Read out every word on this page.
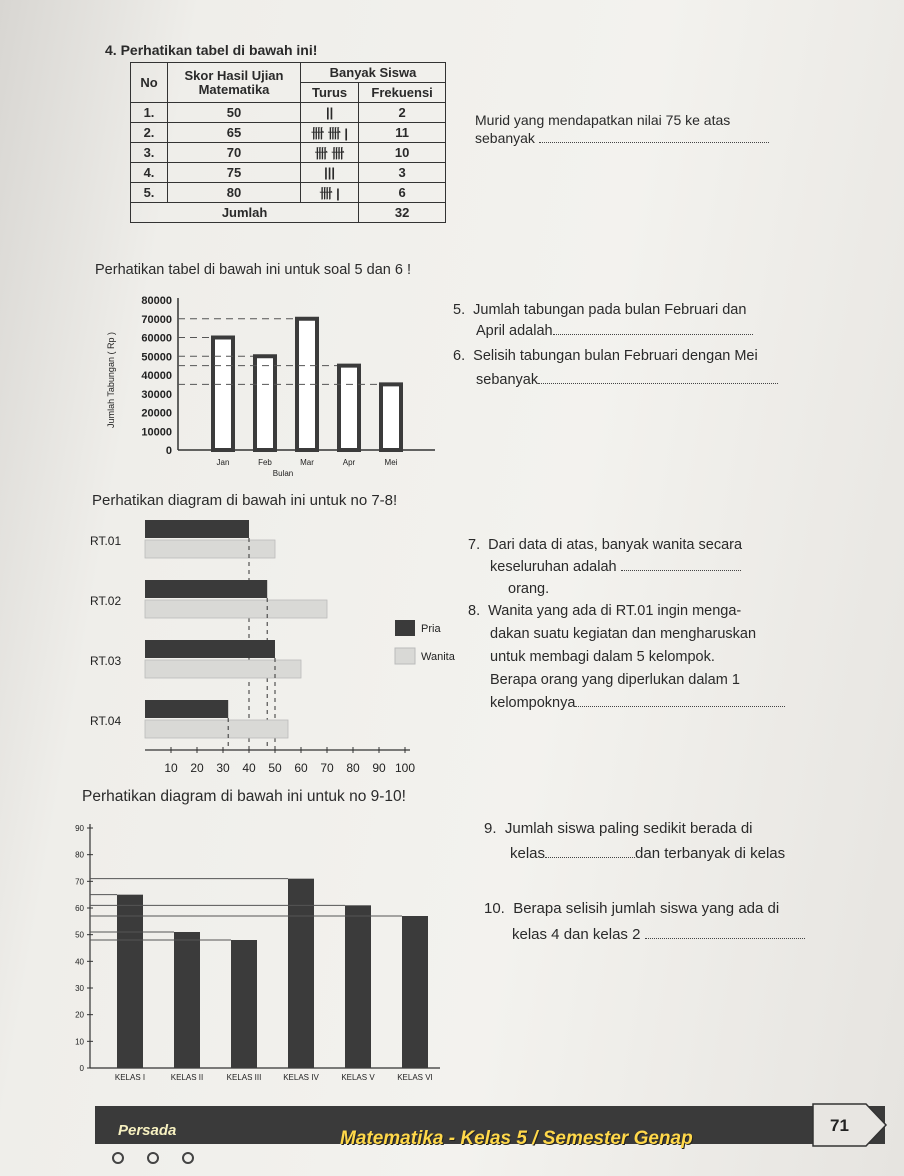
4. Perhatikan tabel di bawah ini!
No	Skor Hasil Ujian Matematika	Banyak Siswa	
		Turus	Frekuensi
1.	50	||	2
2.	65	卌 卌 |	11
3.	70	卌 卌	10
4.	75	|||	3
5.	80	卌 |	6
Jumlah			32
Murid yang mendapatkan nilai 75 ke atas
sebanyak
Perhatikan tabel di bawah ini untuk soal 5 dan 6 !
0
10000
20000
30000
40000
50000
60000
70000
80000
Jumlah Tabungan ( Rp )
Jan	Feb	Mar	Apr	Mei
Bulan
5. Jumlah tabungan pada bulan Februari dan
April adalah
6. Selisih tabungan bulan Februari dengan Mei
sebanyak
Perhatikan diagram di bawah ini untuk no 7-8!
10 20 30 40 50 60 70 80 90 100
RT.01
RT.02
RT.03
RT.04
Pria
Wanita
7. Dari data di atas, banyak wanita secara
keseluruhan adalah
orang.
8. Wanita yang ada di RT.01 ingin menga-
dakan suatu kegiatan dan mengharuskan
untuk membagi dalam 5 kelompok.
Berapa orang yang diperlukan dalam 1
kelompoknya
Perhatikan diagram di bawah ini untuk no 9-10!
0
10
20
30
40
50
60
70
80
90
KELAS I	KELAS II	KELAS III	KELAS IV	KELAS V	KELAS VI
9. Jumlah siswa paling sedikit berada di
kelas	dan terbanyak di kelas
10. Berapa selisih jumlah siswa yang ada di
kelas 4 dan kelas 2
Persada	Matematika - Kelas 5 / Semester Genap
71
